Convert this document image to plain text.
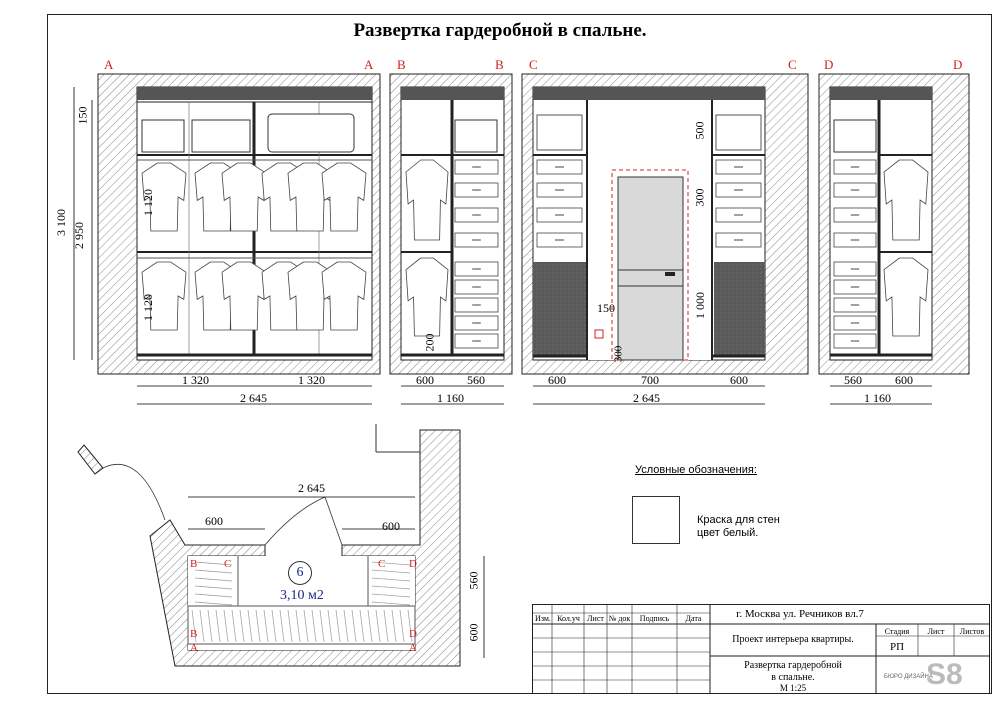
Развертка гардеробной в спальне.
A	A B	B C	C D	D
1 320	1 320
2 645
600	560
1 160
600	700	600
2 645
560	600
1 160
3 100 2 950
150
1 120
1 120
200
500
300
1 000
150
300
2 645
600	600
560
600
6
3,10 м2
B C	C D
B
A
D
A
Условные обозначения:
Краска для стен
цвет белый.
Изм. Кол.уч Лист № док	Подпись	Дата	г. Москва ул. Речников вл.7
Проект интерьера квартиры.
Стадия	Лист	Листов
РП
Развертка гардеробной
в спальне.
М 1:25	S8
БЮРО ДИЗАЙНА
